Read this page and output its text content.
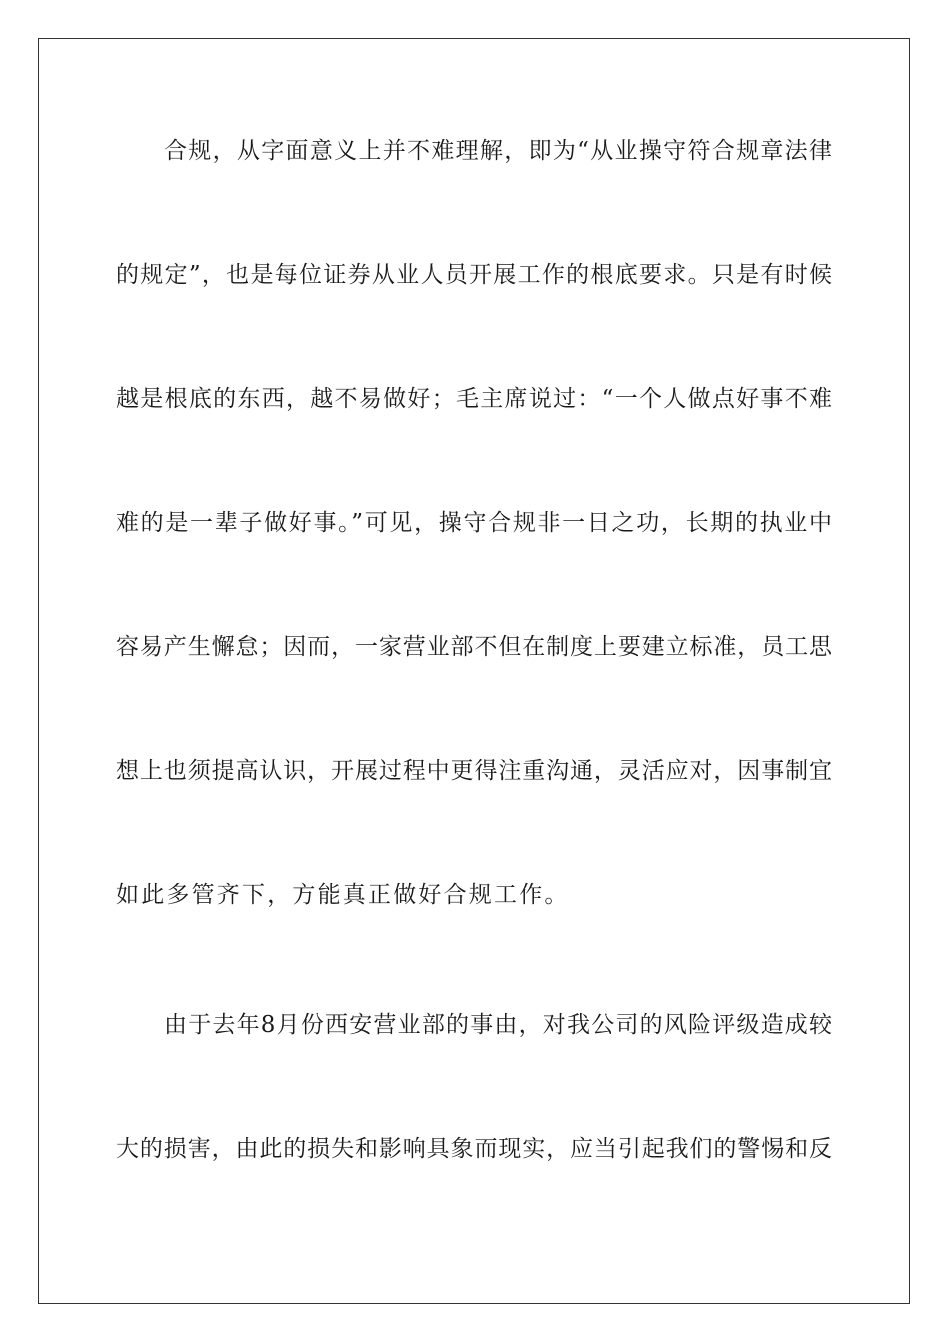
合规，从字面意义上并不难理解，即为“从业操守符合规章法律
的规定”，也是每位证券从业人员开展工作的根底要求。只是有时候
越是根底的东西，越不易做好；毛主席说过：“一个人做点好事不难
难的是一辈子做好事。”可见，操守合规非一日之功，长期的执业中
容易产生懈怠；因而，一家营业部不但在制度上要建立标准，员工思
想上也须提高认识，开展过程中更得注重沟通，灵活应对，因事制宜
如此多管齐下，方能真正做好合规工作。
由于去年8月份西安营业部的事由，对我公司的风险评级造成较
大的损害，由此的损失和影响具象而现实，应当引起我们的警惕和反
